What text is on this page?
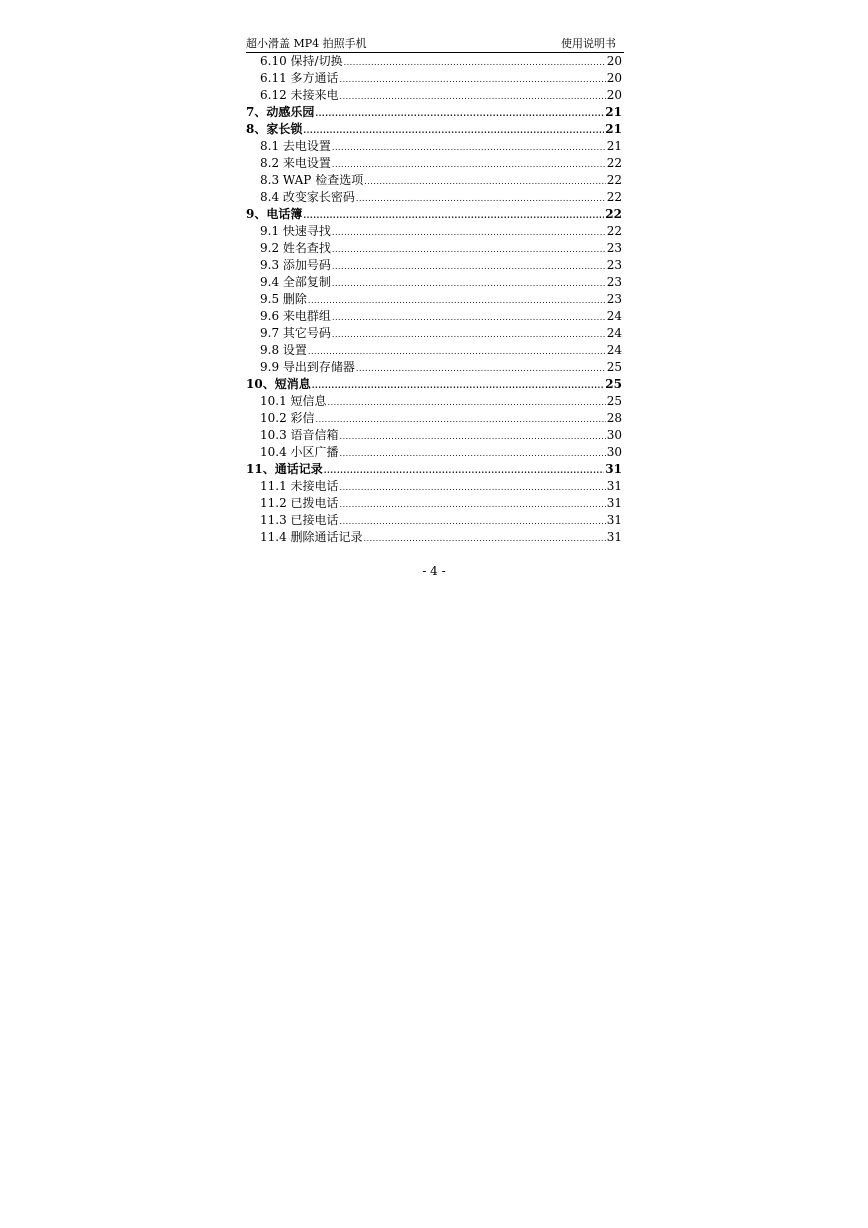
超小滑盖 MP4 拍照手机	使用说明书
6.10 保持/切换 .....	20
6.11 多方通话 .....	20
6.12 未接来电 .....	20
7、动感乐园 .....	21
8、家长锁 .....	21
8.1 去电设置 .....	21
8.2 来电设置 .....	22
8.3 WAP 检查选项 .....	22
8.4 改变家长密码 .....	22
9、电话簿 .....	22
9.1 快速寻找 .....	22
9.2 姓名查找 .....	23
9.3 添加号码 .....	23
9.4 全部复制 .....	23
9.5 删除 .....	23
9.6 来电群组 .....	24
9.7 其它号码 .....	24
9.8 设置 .....	24
9.9 导出到存储器 .....	25
10、短消息 .....	25
10.1 短信息 .....	25
10.2 彩信 .....	28
10.3 语音信箱 .....	30
10.4 小区广播 .....	30
11、通话记录 .....	31
11.1 未接电话 .....	31
11.2 已拨电话 .....	31
11.3 已接电话 .....	31
11.4 删除通话记录 .....	31
- 4 -
